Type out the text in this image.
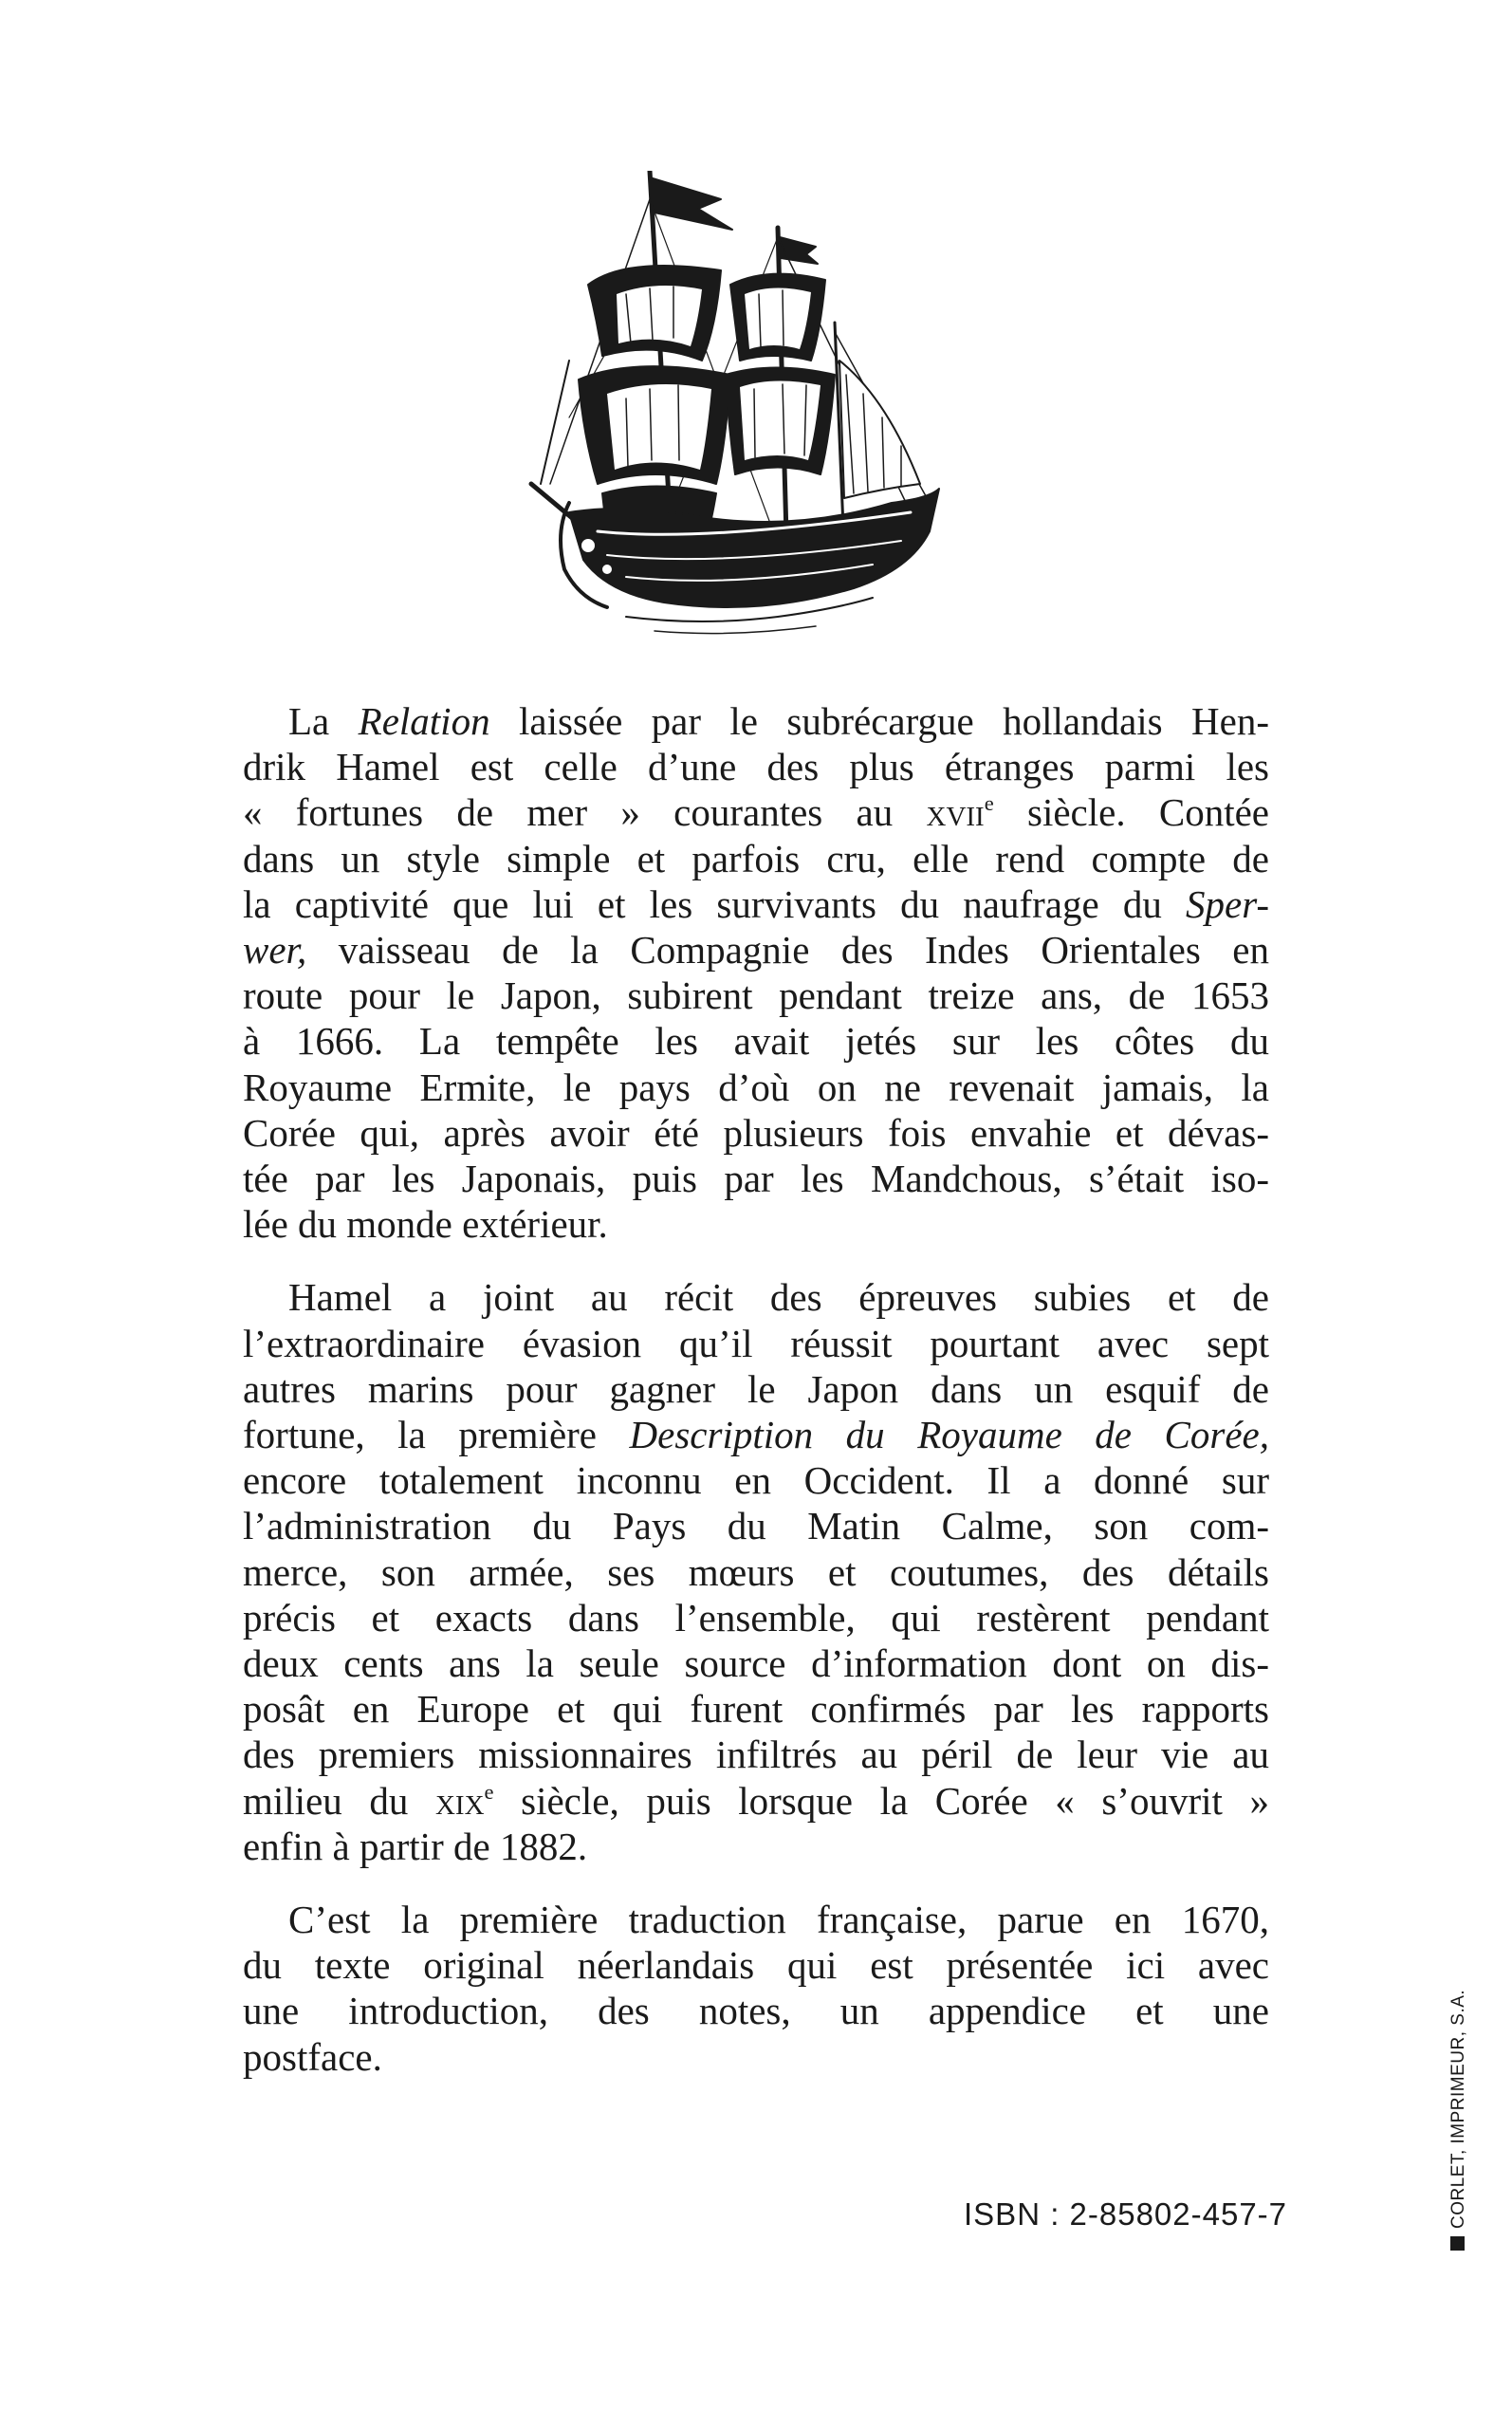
La Relation laissée par le subrécargue hollandais Hen-
drik Hamel est celle d’une des plus étranges parmi les
« fortunes de mer » courantes au xvii$^e$ siècle. Contée
dans un style simple et parfois cru, elle rend compte de
la captivité que lui et les survivants du naufrage du Sper-
wer, vaisseau de la Compagnie des Indes Orientales en
route pour le Japon, subirent pendant treize ans, de 1653
à 1666. La tempête les avait jetés sur les côtes du
Royaume Ermite, le pays d’où on ne revenait jamais, la
Corée qui, après avoir été plusieurs fois envahie et dévas-
tée par les Japonais, puis par les Mandchous, s’était iso-
lée du monde extérieur.

Hamel a joint au récit des épreuves subies et de
l’extraordinaire évasion qu’il réussit pourtant avec sept
autres marins pour gagner le Japon dans un esquif de
fortune, la première Description du Royaume de Corée,
encore totalement inconnu en Occident. Il a donné sur
l’administration du Pays du Matin Calme, son com-
merce, son armée, ses mœurs et coutumes, des détails
précis et exacts dans l’ensemble, qui restèrent pendant
deux cents ans la seule source d’information dont on dis-
posât en Europe et qui furent confirmés par les rapports
des premiers missionnaires infiltrés au péril de leur vie au
milieu du xix$^e$ siècle, puis lorsque la Corée « s’ouvrit »
enfin à partir de 1882.

C’est la première traduction française, parue en 1670,
du texte original néerlandais qui est présentée ici avec
une introduction, des notes, un appendice et une
postface.

ISBN : 2-85802-457-7	CORLET, IMPRIMEUR, S.A.
